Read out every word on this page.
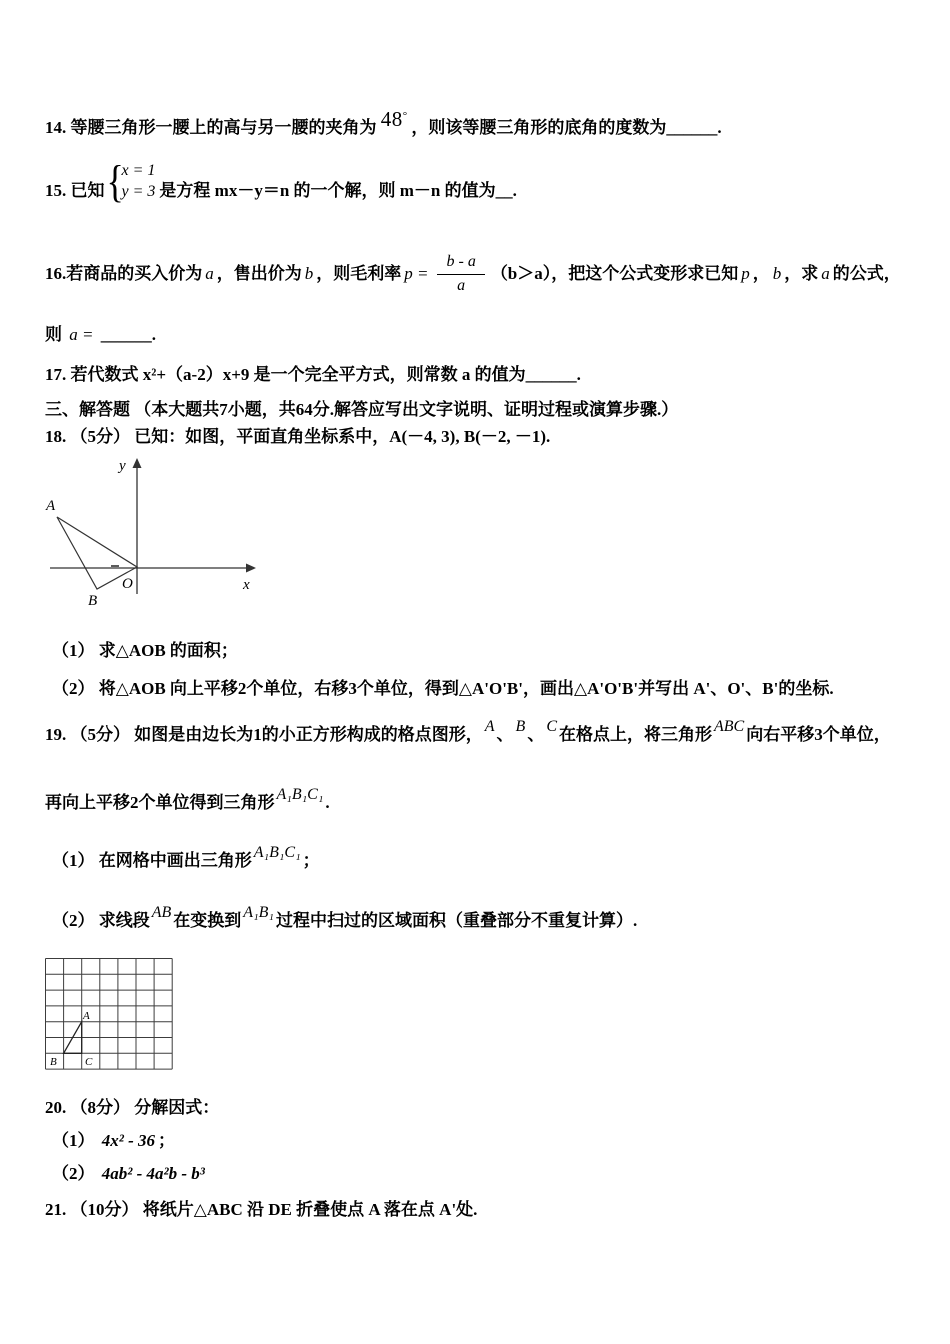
14. 等腰三角形一腰上的高与另一腰的夹角为 48° ，则该等腰三角形的底角的度数为______.
15. 已知 {
x = 1
y = 3 是方程 mx－y＝n 的一个解，则 m－n 的值为__.
16. 若商品的买入价为 a ，售出价为 b ，则毛利率 $p = \frac{b - a}{a} (b>a)$，把这个公式变形求已知 p ， b ，求 a 的公式，
则 a = ______.
17. 若代数式 x²+（a-2）x+9 是一个完全平方式，则常数 a 的值为______.
三、解答题 （本大题共7小题，共64分.解答应写出文字说明、证明过程或演算步骤.）
18. （5分） 已知：如图，平面直角坐标系中，A(－4, 3), B(－2, －1).
y
x
O
A
B
（1） 求△AOB 的面积；
（2） 将△AOB 向上平移2个单位，右移3个单位，得到△A'O'B'，画出△A'O'B'并写出 A'、O'、B'的坐标.
19. （5分） 如图是由边长为1的小正方形构成的格点图形， A 、 B 、 C 在格点上，将三角形 ABC 向右平移3个单位，
再向上平移2个单位得到三角形 A₁B₁C₁ .
（1） 在网格中画出三角形 A₁B₁C₁ ；
（2） 求线段 AB 在变换到 A₁B₁ 过程中扫过的区域面积（重叠部分不重复计算）.
A
B	C
20. （8分） 分解因式：
（1） 4x² - 36 ；
（2） 4ab² - 4a²b - b³
21. （10分） 将纸片△ABC 沿 DE 折叠使点 A 落在点 A'处.
